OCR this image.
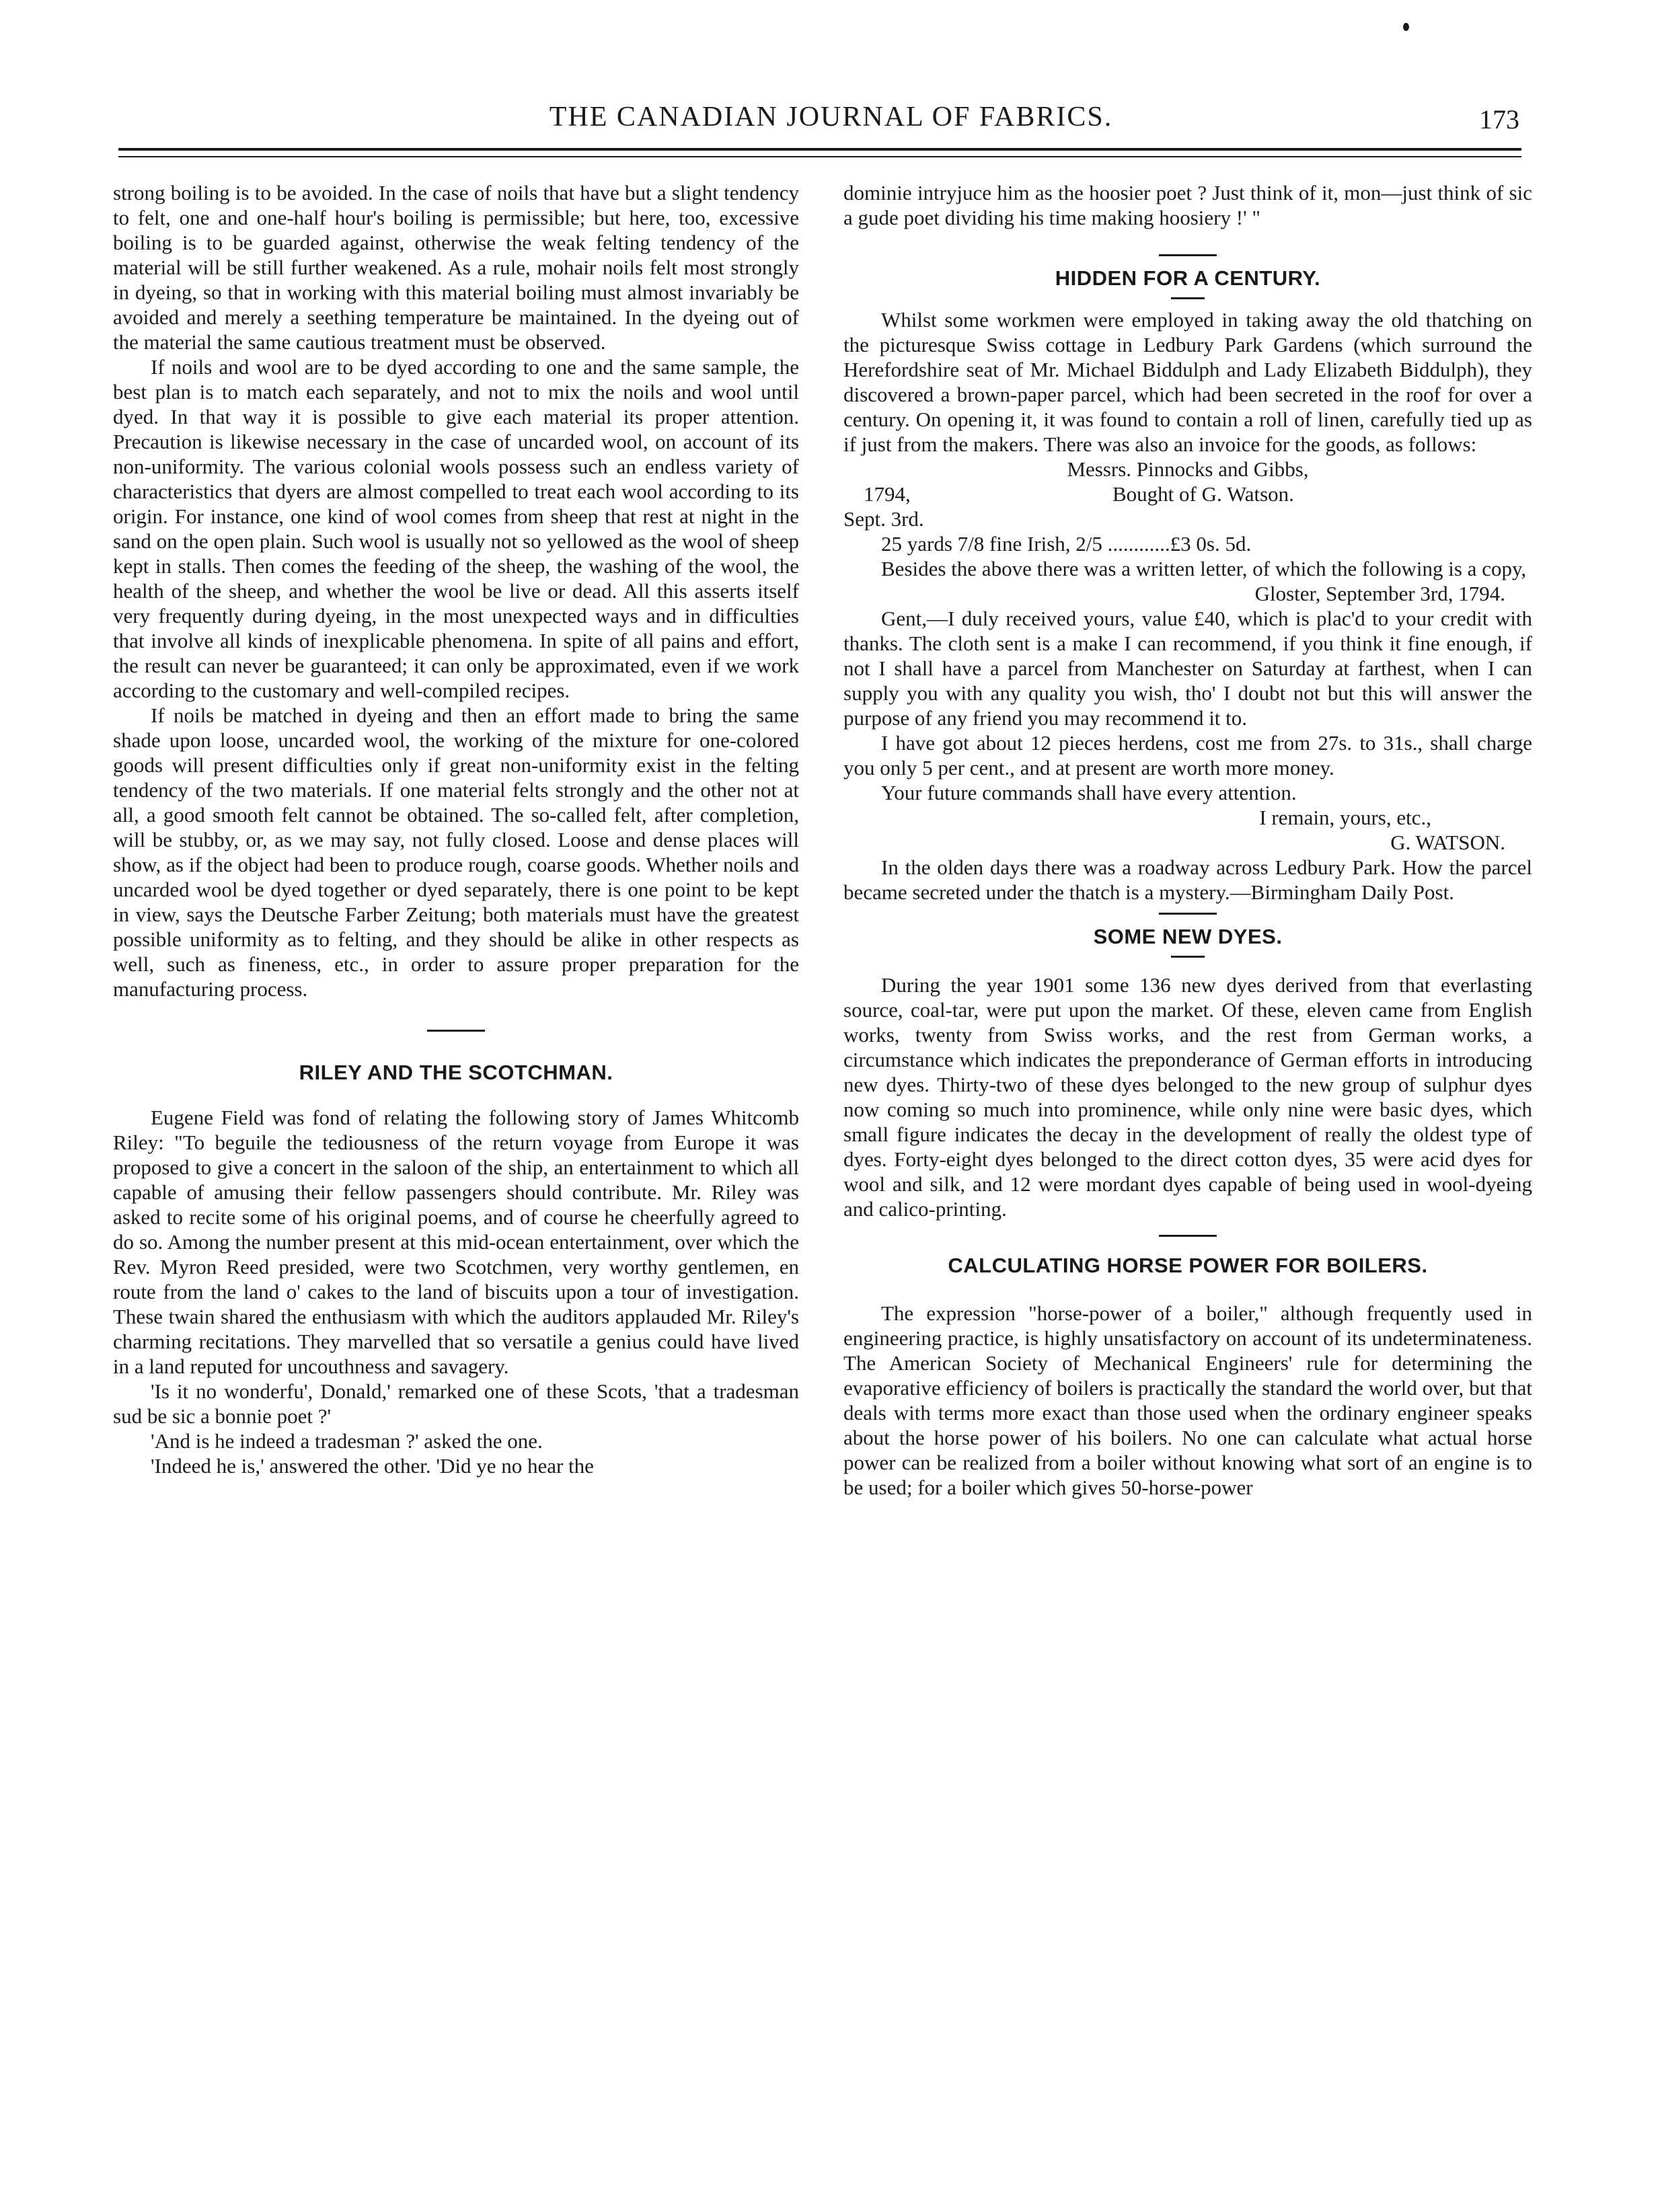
THE CANADIAN JOURNAL OF FABRICS.	173

strong boiling is to be avoided. In the case of noils that have but a slight tendency to felt, one and one-half hour's boiling is permissible; but here, too, excessive boiling is to be guarded against, otherwise the weak felting tendency of the material will be still further weakened. As a rule, mohair noils felt most strongly in dyeing, so that in working with this material boiling must almost invariably be avoided and merely a seething temperature be maintained. In the dyeing out of the material the same cautious treatment must be observed.

If noils and wool are to be dyed according to one and the same sample, the best plan is to match each separately, and not to mix the noils and wool until dyed. In that way it is possible to give each material its proper attention. Precaution is likewise necessary in the case of uncarded wool, on account of its non-uniformity. The various colonial wools possess such an endless variety of characteristics that dyers are almost compelled to treat each wool according to its origin. For instance, one kind of wool comes from sheep that rest at night in the sand on the open plain. Such wool is usually not so yellowed as the wool of sheep kept in stalls. Then comes the feeding of the sheep, the washing of the wool, the health of the sheep, and whether the wool be live or dead. All this asserts itself very frequently during dyeing, in the most unexpected ways and in difficulties that involve all kinds of inexplicable phenomena. In spite of all pains and effort, the result can never be guaranteed; it can only be approximated, even if we work according to the customary and well-compiled recipes.

If noils be matched in dyeing and then an effort made to bring the same shade upon loose, uncarded wool, the working of the mixture for one-colored goods will present difficulties only if great non-uniformity exist in the felting tendency of the two materials. If one material felts strongly and the other not at all, a good smooth felt cannot be obtained. The so-called felt, after completion, will be stubby, or, as we may say, not fully closed. Loose and dense places will show, as if the object had been to produce rough, coarse goods. Whether noils and uncarded wool be dyed together or dyed separately, there is one point to be kept in view, says the Deutsche Farber Zeitung; both materials must have the greatest possible uniformity as to felting, and they should be alike in other respects as well, such as fineness, etc., in order to assure proper preparation for the manufacturing process.

RILEY AND THE SCOTCHMAN.

Eugene Field was fond of relating the following story of James Whitcomb Riley: "To beguile the tediousness of the return voyage from Europe it was proposed to give a concert in the saloon of the ship, an entertainment to which all capable of amusing their fellow passengers should contribute. Mr. Riley was asked to recite some of his original poems, and of course he cheerfully agreed to do so. Among the number present at this mid-ocean entertainment, over which the Rev. Myron Reed presided, were two Scotchmen, very worthy gentlemen, en route from the land o' cakes to the land of biscuits upon a tour of investigation. These twain shared the enthusiasm with which the auditors applauded Mr. Riley's charming recitations. They marvelled that so versatile a genius could have lived in a land reputed for uncouthness and savagery.

'Is it no wonderfu', Donald,' remarked one of these Scots, 'that a tradesman sud be sic a bonnie poet ?'

'And is he indeed a tradesman ?' asked the one.

'Indeed he is,' answered the other. 'Did ye no hear the

dominie intryjuce him as the hoosier poet ? Just think of it, mon—just think of sic a gude poet dividing his time making hoosiery !' "

HIDDEN FOR A CENTURY.

Whilst some workmen were employed in taking away the old thatching on the picturesque Swiss cottage in Ledbury Park Gardens (which surround the Herefordshire seat of Mr. Michael Biddulph and Lady Elizabeth Biddulph), they discovered a brown-paper parcel, which had been secreted in the roof for over a century. On opening it, it was found to contain a roll of linen, carefully tied up as if just from the makers. There was also an invoice for the goods, as follows:

Messrs. Pinnocks and Gibbs,
1794,	Bought of G. Watson.
Sept. 3rd.
25 yards 7/8 fine Irish, 2/5 ............£3 0s. 5d.

Besides the above there was a written letter, of which the following is a copy,

Gloster, September 3rd, 1794.

Gent,—I duly received yours, value £40, which is plac'd to your credit with thanks. The cloth sent is a make I can recommend, if you think it fine enough, if not I shall have a parcel from Manchester on Saturday at farthest, when I can supply you with any quality you wish, tho' I doubt not but this will answer the purpose of any friend you may recommend it to.

I have got about 12 pieces herdens, cost me from 27s. to 31s., shall charge you only 5 per cent., and at present are worth more money.

Your future commands shall have every attention.

I remain, yours, etc.,
G. WATSON.

In the olden days there was a roadway across Ledbury Park. How the parcel became secreted under the thatch is a mystery.—Birmingham Daily Post.

SOME NEW DYES.

During the year 1901 some 136 new dyes derived from that everlasting source, coal-tar, were put upon the market. Of these, eleven came from English works, twenty from Swiss works, and the rest from German works, a circumstance which indicates the preponderance of German efforts in introducing new dyes. Thirty-two of these dyes belonged to the new group of sulphur dyes now coming so much into prominence, while only nine were basic dyes, which small figure indicates the decay in the development of really the oldest type of dyes. Forty-eight dyes belonged to the direct cotton dyes, 35 were acid dyes for wool and silk, and 12 were mordant dyes capable of being used in wool-dyeing and calico-printing.

CALCULATING HORSE POWER FOR BOILERS.

The expression "horse-power of a boiler," although frequently used in engineering practice, is highly unsatisfactory on account of its undeterminateness. The American Society of Mechanical Engineers' rule for determining the evaporative efficiency of boilers is practically the standard the world over, but that deals with terms more exact than those used when the ordinary engineer speaks about the horse power of his boilers. No one can calculate what actual horse power can be realized from a boiler without knowing what sort of an engine is to be used; for a boiler which gives 50-horse-power
